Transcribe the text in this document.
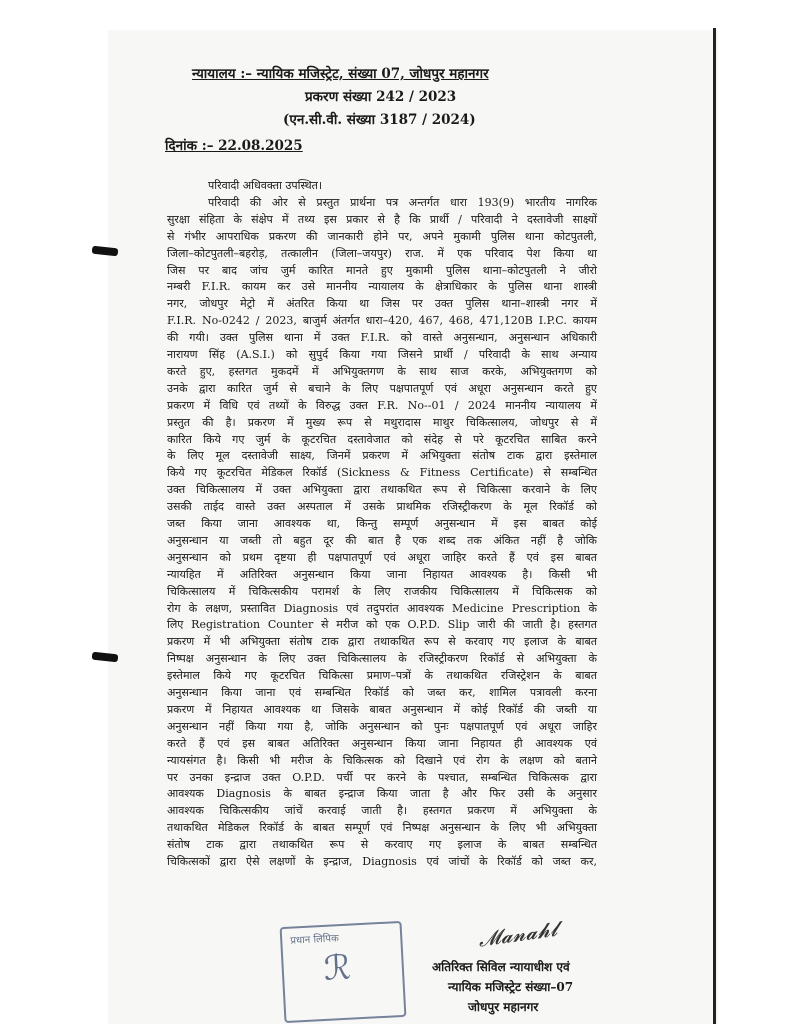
न्यायालय :– न्यायिक मजिस्ट्रेट, संख्या 07, जोधपुर महानगर
प्रकरण संख्या 242 / 2023
(एन.सी.वी. संख्या 3187 / 2024)
दिनांक :– 22.08.2025
परिवादी अधिवक्ता उपस्थित।
परिवादी की ओर से प्रस्तुत प्रार्थना पत्र अन्तर्गत धारा 193(9) भारतीय नागरिक
सुरक्षा संहिता के संक्षेप में तथ्य इस प्रकार से है कि प्रार्थी / परिवादी ने दस्तावेजी साक्ष्यों
से गंभीर आपराधिक प्रकरण की जानकारी होने पर, अपने मुकामी पुलिस थाना कोटपुतली,
जिला–कोटपुतली–बहरोड़, तत्कालीन (जिला–जयपुर) राज. में एक परिवाद पेश किया था
जिस पर बाद जांच जुर्म कारित मानते हुए मुकामी पुलिस थाना–कोटपुतली ने जीरो
नम्बरी F.I.R. कायम कर उसे माननीय न्यायालय के क्षेत्राधिकार के पुलिस थाना शास्त्री
नगर, जोधपुर मेट्रो में अंतरित किया था जिस पर उक्त पुलिस थाना–शास्त्री नगर में
F.I.R. No-0242 / 2023, बाजुर्म अंतर्गत धारा–420, 467, 468, 471,120B I.P.C. कायम
की गयी। उक्त पुलिस थाना में उक्त F.I.R. को वास्ते अनुसन्धान, अनुसन्धान अधिकारी
नारायण सिंह (A.S.I.) को सुपुर्द किया गया जिसने प्रार्थी / परिवादी के साथ अन्याय
करते हुए, हस्तगत मुकदमें में अभियुक्तगण के साथ साज करके, अभियुक्तगण को
उनके द्वारा कारित जुर्म से बचाने के लिए पक्षपातपूर्ण एवं अधूरा अनुसन्धान करते हुए
प्रकरण में विधि एवं तथ्यों के विरुद्ध उक्त F.R. No--01 / 2024 माननीय न्यायालय में
प्रस्तुत की है। प्रकरण में मुख्य रूप से मथुरादास माथुर चिकित्सालय, जोधपुर से में
कारित किये गए जुर्म के कूटरचित दस्तावेजात को संदेह से परे कूटरचित साबित करने
के लिए मूल दस्तावेजी साक्ष्य, जिनमें प्रकरण में अभियुक्ता संतोष टाक द्वारा इस्तेमाल
किये गए कूटरचित मेडिकल रिकॉर्ड (Sickness & Fitness Certificate) से सम्बन्धित
उक्त चिकित्सालय में उक्त अभियुक्ता द्वारा तथाकथित रूप से चिकित्सा करवाने के लिए
उसकी ताईद वास्ते उक्त अस्पताल में उसके प्राथमिक रजिस्ट्रीकरण के मूल रिकॉर्ड को
जब्त किया जाना आवश्यक था, किन्तु सम्पूर्ण अनुसन्धान में इस बाबत कोई
अनुसन्धान या जब्ती तो बहुत दूर की बात है एक शब्द तक अंकित नहीं है जोकि
अनुसन्धान को प्रथम दृष्टया ही पक्षपातपूर्ण एवं अधूरा जाहिर करते हैं एवं इस बाबत
न्यायहित में अतिरिक्त अनुसन्धान किया जाना निहायत आवश्यक है। किसी भी
चिकित्सालय में चिकित्सकीय परामर्श के लिए राजकीय चिकित्सालय में चिकित्सक को
रोग के लक्षण, प्रस्तावित Diagnosis एवं तदुपरांत आवश्यक Medicine Prescription के
लिए Registration Counter से मरीज को एक O.P.D. Slip जारी की जाती है। हस्तगत
प्रकरण में भी अभियुक्ता संतोष टाक द्वारा तथाकथित रूप से करवाए गए इलाज के बाबत
निष्पक्ष अनुसन्धान के लिए उक्त चिकित्सालय के रजिस्ट्रीकरण रिकॉर्ड से अभियुक्ता के
इस्तेमाल किये गए कूटरचित चिकित्सा प्रमाण–पत्रों के तथाकथित रजिस्ट्रेशन के बाबत
अनुसन्धान किया जाना एवं सम्बन्धित रिकॉर्ड को जब्त कर, शामिल पत्रावली करना
प्रकरण में निहायत आवश्यक था जिसके बाबत अनुसन्धान में कोई रिकॉर्ड की जब्ती या
अनुसन्धान नहीं किया गया है, जोकि अनुसन्धान को पुनः पक्षपातपूर्ण एवं अधूरा जाहिर
करते हैं एवं इस बाबत अतिरिक्त अनुसन्धान किया जाना निहायत ही आवश्यक एवं
न्यायसंगत है। किसी भी मरीज के चिकित्सक को दिखाने एवं रोग के लक्षण को बताने
पर उनका इन्द्राज उक्त O.P.D. पर्ची पर करने के पश्चात, सम्बन्धित चिकित्सक द्वारा
आवश्यक Diagnosis के बाबत इन्द्राज किया जाता है और फिर उसी के अनुसार
आवश्यक चिकित्सकीय जांचें करवाई जाती है। हस्तगत प्रकरण में अभियुक्ता के
तथाकथित मेडिकल रिकॉर्ड के बाबत सम्पूर्ण एवं निष्पक्ष अनुसन्धान के लिए भी अभियुक्ता
संतोष टाक द्वारा तथाकथित रूप से करवाए गए इलाज के बाबत सम्बन्धित
चिकित्सकों द्वारा ऐसे लक्षणों के इन्द्राज, Diagnosis एवं जांचों के रिकॉर्ड को जब्त कर,
प्रधान लिपिक
ℛ
𝓜𝓪𝓷𝓪𝓱𝓵
अतिरिक्त सिविल न्यायाधीश एवं
न्यायिक मजिस्ट्रेट संख्या–07
जोधपुर महानगर
